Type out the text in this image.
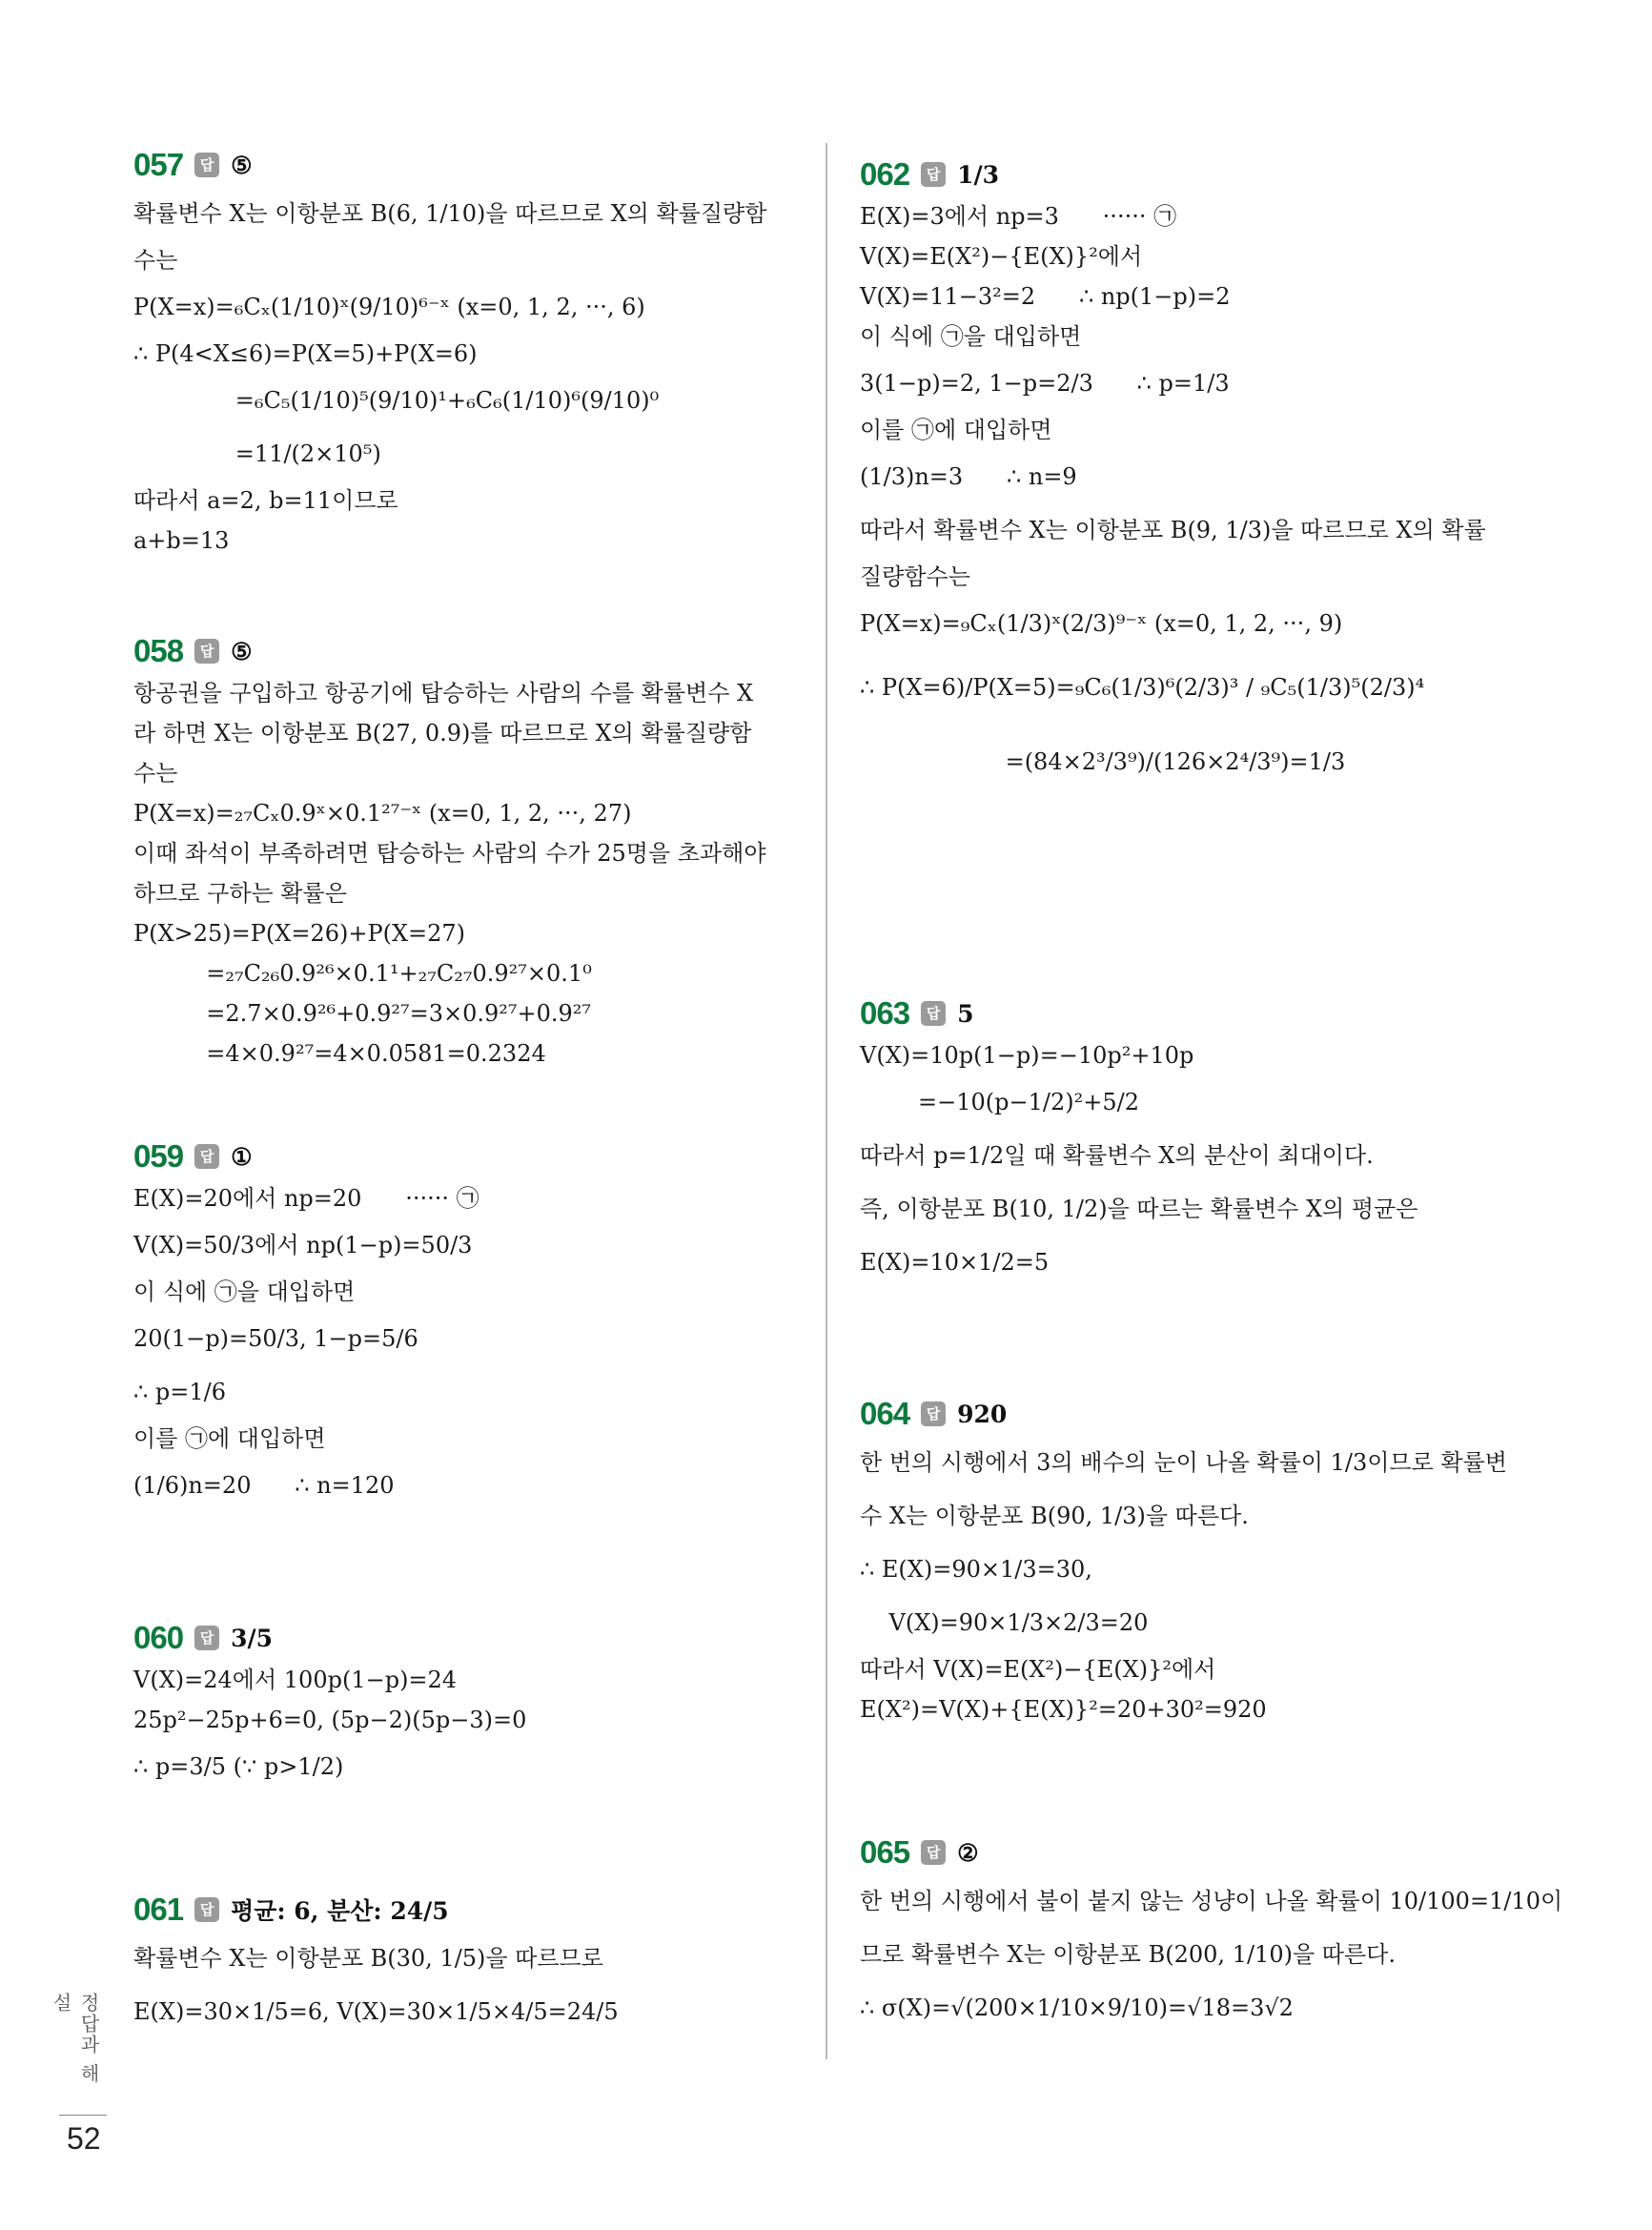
057	답 ⑤
확률변수 X는 이항분포 B(6, 1/10)을 따르므로 X의 확률질량함
수는
P(X=x)=₆Cₓ(1/10)ˣ(9/10)⁶⁻ˣ (x=0, 1, 2, ···, 6)
∴ P(4<X≤6)=P(X=5)+P(X=6)
=₆C₅(1/10)⁵(9/10)¹+₆C₆(1/10)⁶(9/10)⁰
=11/(2×10⁵)
따라서 a=2, b=11이므로
a+b=13
058	답 ⑤
항공권을 구입하고 항공기에 탑승하는 사람의 수를 확률변수 X
라 하면 X는 이항분포 B(27, 0.9)를 따르므로 X의 확률질량함
수는
P(X=x)=₂₇Cₓ0.9ˣ×0.1²⁷⁻ˣ (x=0, 1, 2, ···, 27)
이때 좌석이 부족하려면 탑승하는 사람의 수가 25명을 초과해야
하므로 구하는 확률은
P(X>25)=P(X=26)+P(X=27)
=₂₇C₂₆0.9²⁶×0.1¹+₂₇C₂₇0.9²⁷×0.1⁰
=2.7×0.9²⁶+0.9²⁷=3×0.9²⁷+0.9²⁷
=4×0.9²⁷=4×0.0581=0.2324
059	답 ①
E(X)=20에서 np=20      ······ ㉠
V(X)=50/3에서 np(1−p)=50/3
이 식에 ㉠을 대입하면
20(1−p)=50/3, 1−p=5/6
∴ p=1/6
이를 ㉠에 대입하면
(1/6)n=20      ∴ n=120
060	답 3/5
V(X)=24에서 100p(1−p)=24
25p²−25p+6=0, (5p−2)(5p−3)=0
∴ p=3/5 (∵ p>1/2)
061	답 평균: 6, 분산: 24/5
확률변수 X는 이항분포 B(30, 1/5)을 따르므로
E(X)=30×1/5=6, V(X)=30×1/5×4/5=24/5
062	답 1/3
E(X)=3에서 np=3      ······ ㉠
V(X)=E(X²)−{E(X)}²에서
V(X)=11−3²=2      ∴ np(1−p)=2
이 식에 ㉠을 대입하면
3(1−p)=2, 1−p=2/3      ∴ p=1/3
이를 ㉠에 대입하면
(1/3)n=3      ∴ n=9
따라서 확률변수 X는 이항분포 B(9, 1/3)을 따르므로 X의 확률
질량함수는
P(X=x)=₉Cₓ(1/3)ˣ(2/3)⁹⁻ˣ (x=0, 1, 2, ···, 9)
∴ P(X=6)/P(X=5)=₉C₆(1/3)⁶(2/3)³ / ₉C₅(1/3)⁵(2/3)⁴
=(84×2³/3⁹)/(126×2⁴/3⁹)=1/3
063	답 5
V(X)=10p(1−p)=−10p²+10p
=−10(p−1/2)²+5/2
따라서 p=1/2일 때 확률변수 X의 분산이 최대이다.
즉, 이항분포 B(10, 1/2)을 따르는 확률변수 X의 평균은
E(X)=10×1/2=5
064	답 920
한 번의 시행에서 3의 배수의 눈이 나올 확률이 1/3이므로 확률변
수 X는 이항분포 B(90, 1/3)을 따른다.
∴ E(X)=90×1/3=30,
V(X)=90×1/3×2/3=20
따라서 V(X)=E(X²)−{E(X)}²에서
E(X²)=V(X)+{E(X)}²=20+30²=920
065	답 ②
한 번의 시행에서 불이 붙지 않는 성냥이 나올 확률이 10/100=1/10이
므로 확률변수 X는 이항분포 B(200, 1/10)을 따른다.
∴ σ(X)=√(200×1/10×9/10)=√18=3√2
정답과 해설
52
